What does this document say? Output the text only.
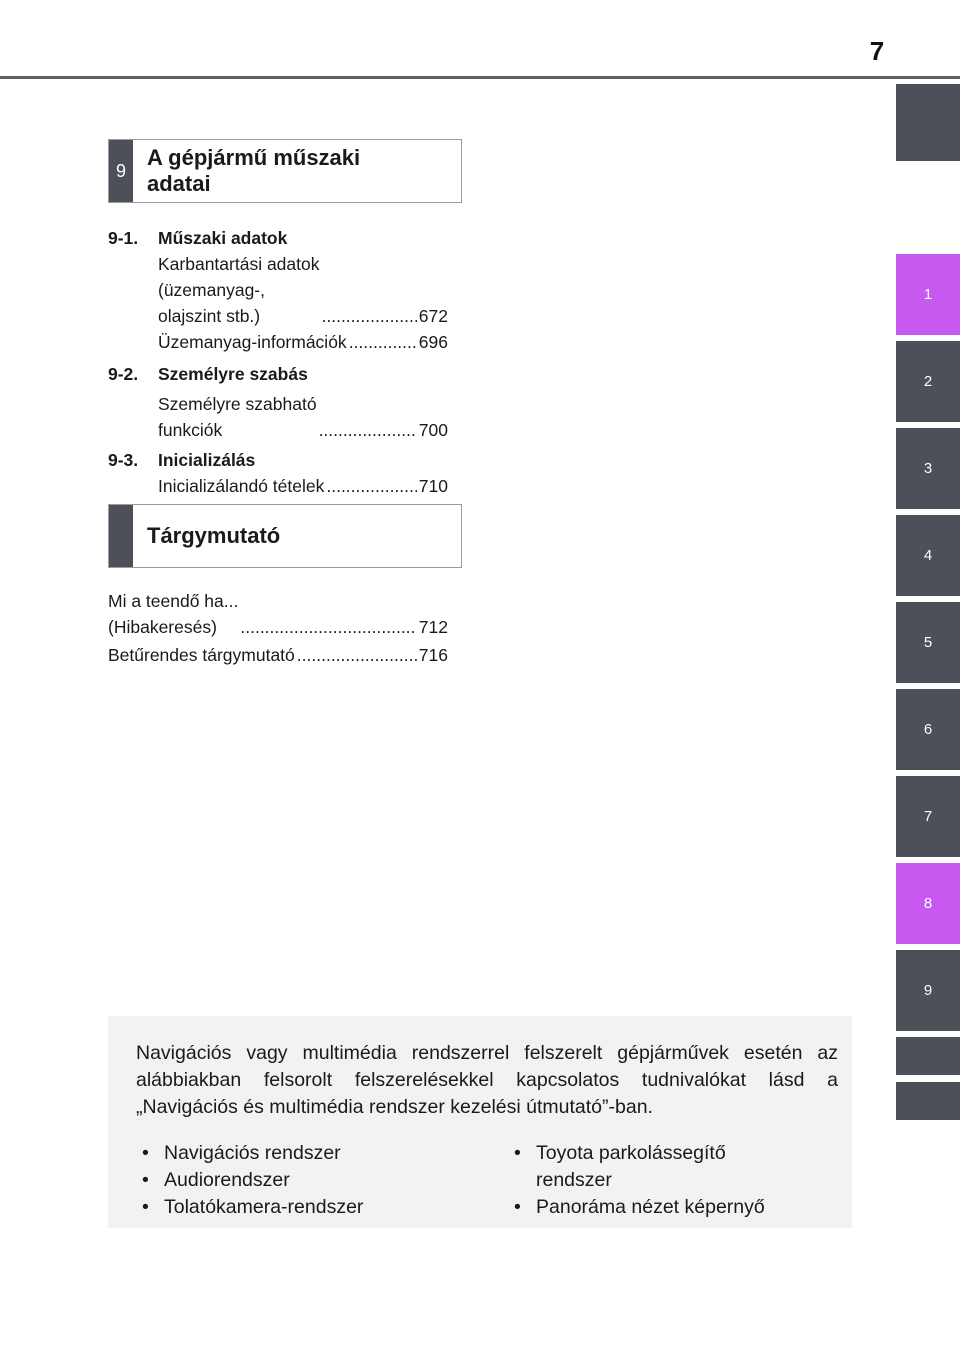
7
1
2
3
4
5
6
7
8
9
9
A gépjármű műszaki
adatai
9-1.	Műszaki adatok
Karbantartási adatok
(üzemanyag-,
olajszint stb.) .....	672
Üzemanyag-információk .....	696
9-2.	Személyre szabás
Személyre szabható
funkciók .....	700
9-3.	Inicializálás
Inicializálandó tételek .....	710
Tárgymutató
Mi a teendő ha...
(Hibakeresés) .....	712
Betűrendes tárgymutató .....	716
Navigációs vagy multimédia rendszerrel felszerelt gépjárművek esetén az alábbiakban felsorolt felszerelésekkel kapcsolatos tudnivalókat lásd a „Navigációs és multimédia rendszer kezelési útmutató”-ban.
• Navigációs rendszer
• Audiorendszer
• Tolatókamera-rendszer
• Toyota parkolássegítő
rendszer
• Panoráma nézet képernyő
